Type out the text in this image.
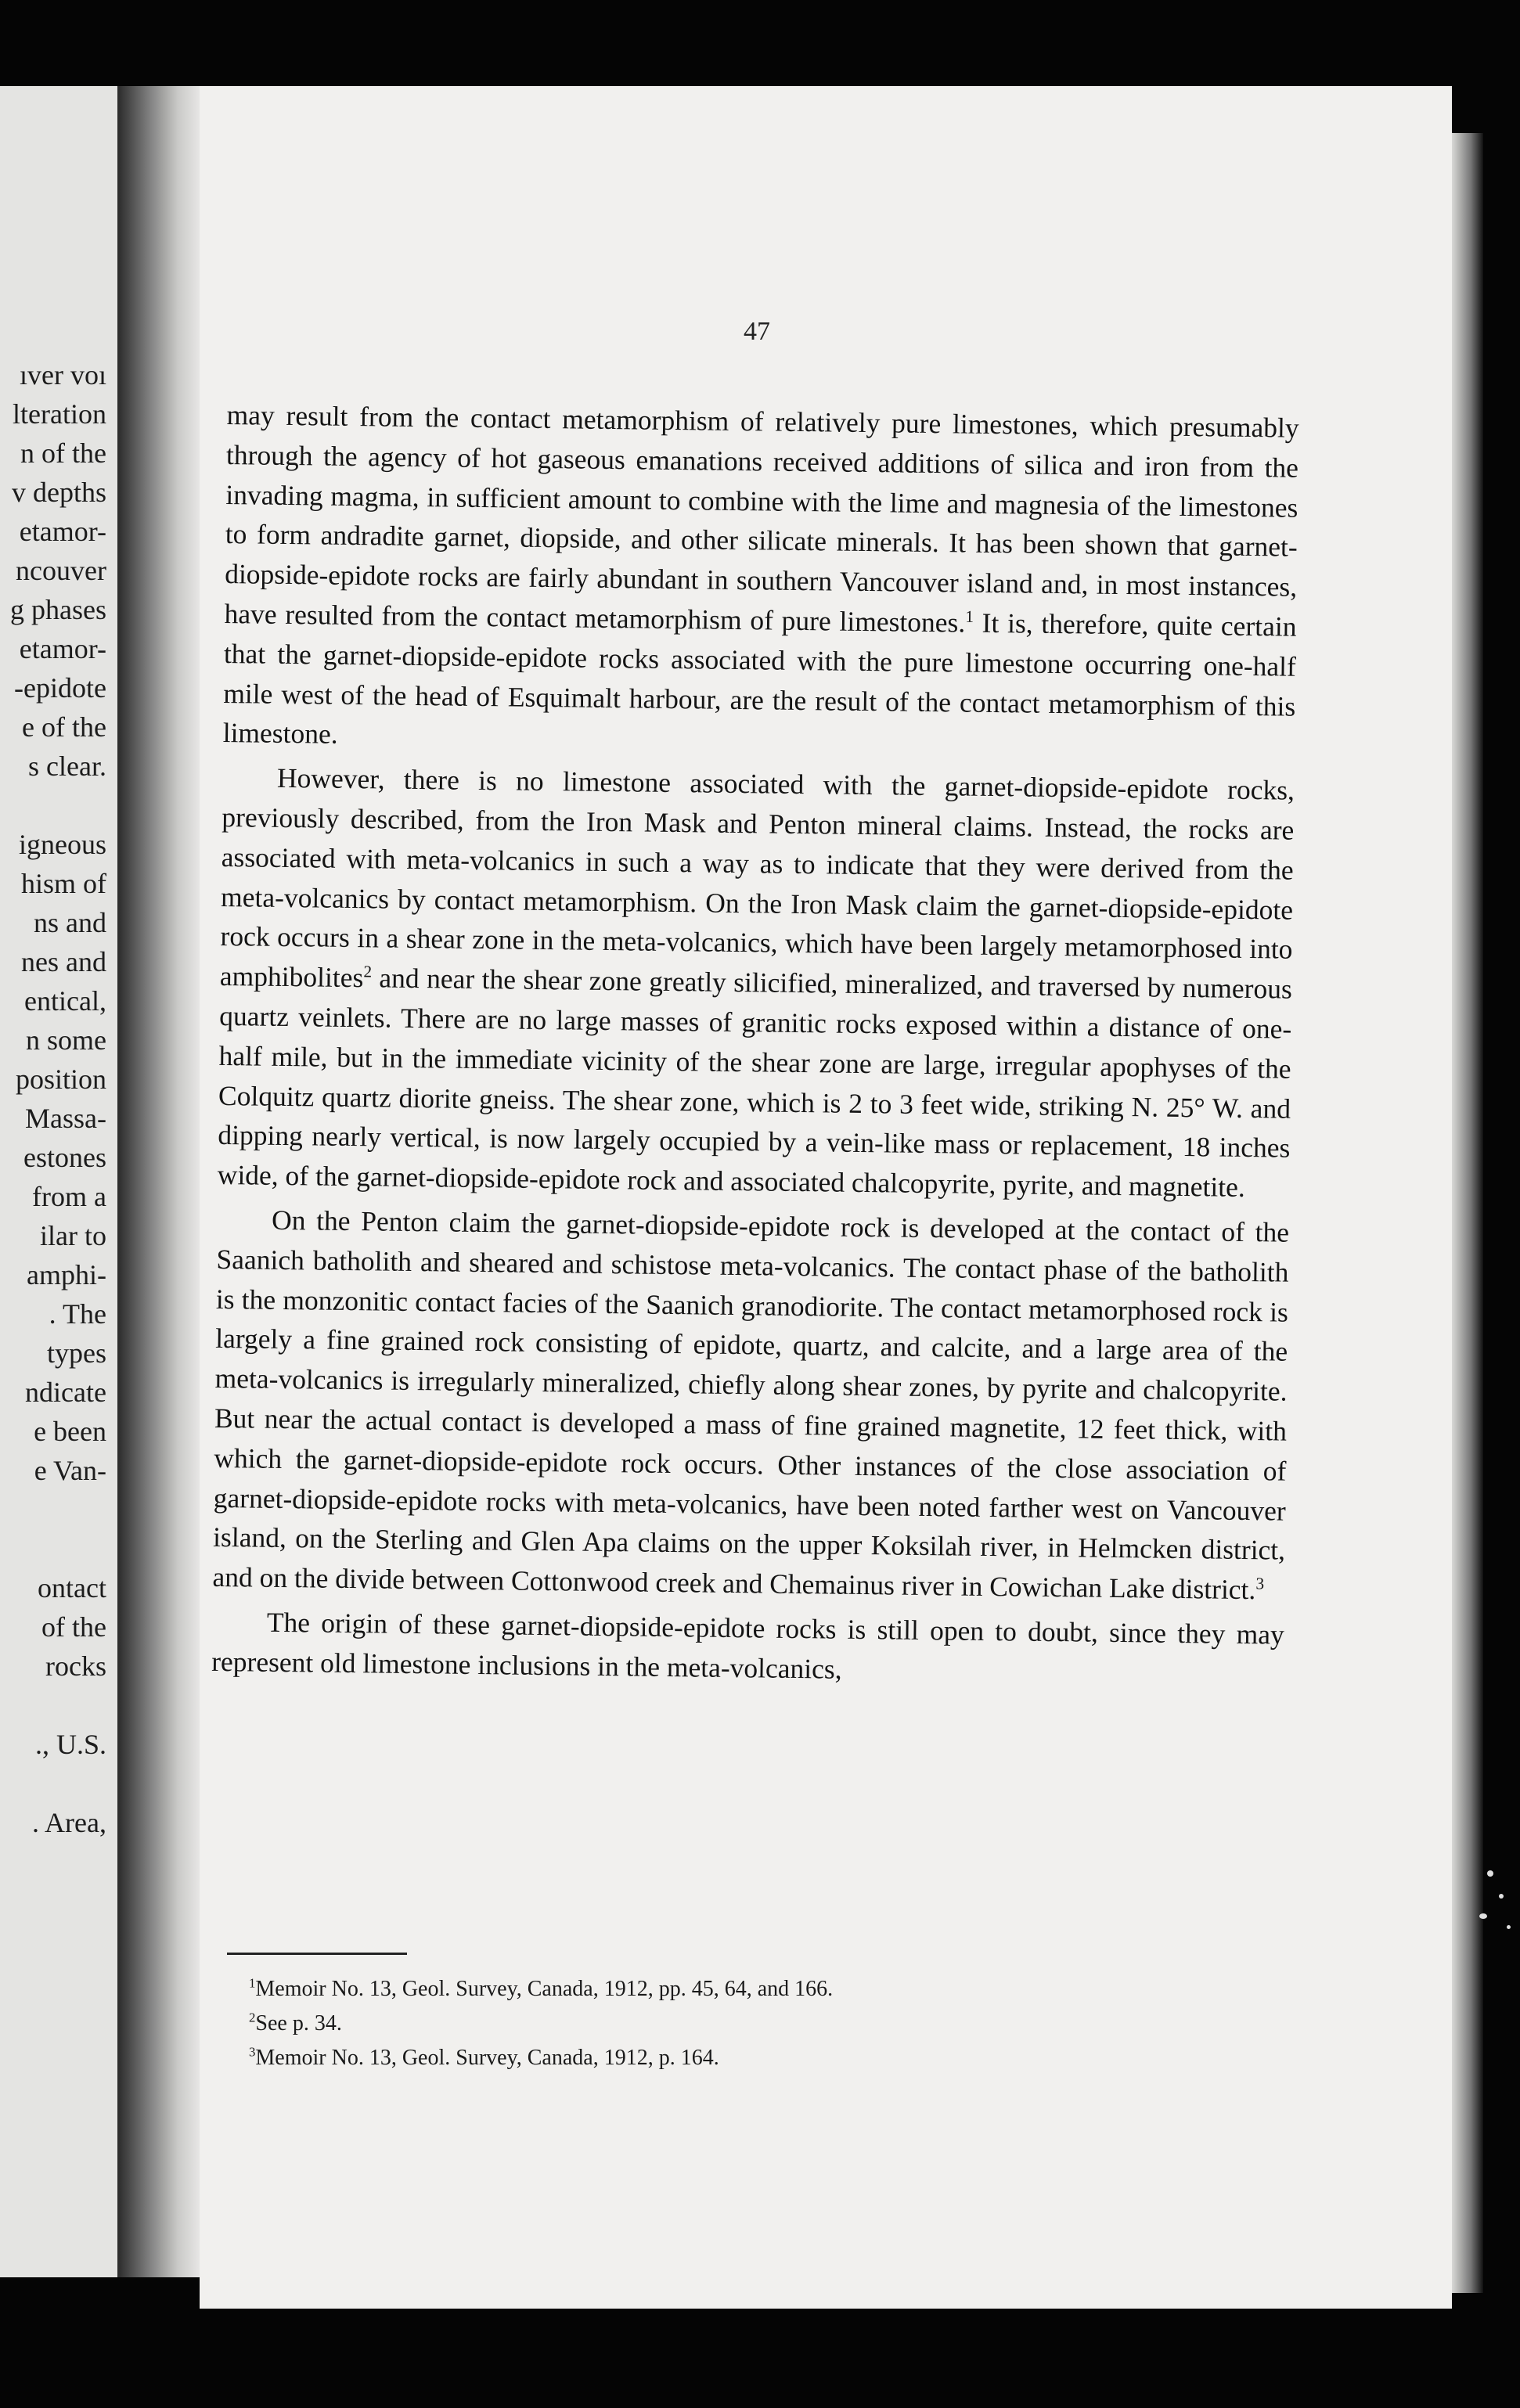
ıver voı
lteration
n of the
v depths
etamor-
ncouver
g phases
etamor-
-epidote
e of the
s clear.
igneous
hism of
ns and
nes and
entical,
n some
position
Massa-
estones
from a
ilar to
amphi-
. The
types
ndicate
e been
e Van-
ontact
of the
rocks
., U.S.
. Area,
47

may result from the contact metamorphism of relatively pure limestones, which presumably through the agency of hot gaseous emanations received additions of silica and iron from the invading magma, in sufficient amount to combine with the lime and magnesia of the limestones to form andradite garnet, diopside, and other silicate minerals. It has been shown that garnet-diopside-epidote rocks are fairly abundant in southern Vancouver island and, in most instances, have resulted from the contact metamorphism of pure limestones.$^1$ It is, therefore, quite certain that the garnet-diopside-epidote rocks associated with the pure limestone occurring one-half mile west of the head of Esquimalt harbour, are the result of the contact metamorphism of this limestone.

However, there is no limestone associated with the garnet-diopside-epidote rocks, previously described, from the Iron Mask and Penton mineral claims. Instead, the rocks are associated with meta-volcanics in such a way as to indicate that they were derived from the meta-volcanics by contact metamorphism. On the Iron Mask claim the garnet-diopside-epidote rock occurs in a shear zone in the meta-volcanics, which have been largely metamorphosed into amphibolites$^2$ and near the shear zone greatly silicified, mineralized, and traversed by numerous quartz veinlets. There are no large masses of granitic rocks exposed within a distance of one-half mile, but in the immediate vicinity of the shear zone are large, irregular apophyses of the Colquitz quartz diorite gneiss. The shear zone, which is 2 to 3 feet wide, striking N. 25° W. and dipping nearly vertical, is now largely occupied by a vein-like mass or replacement, 18 inches wide, of the garnet-diopside-epidote rock and associated chalcopyrite, pyrite, and magnetite.

On the Penton claim the garnet-diopside-epidote rock is developed at the contact of the Saanich batholith and sheared and schistose meta-volcanics. The contact phase of the batholith is the monzonitic contact facies of the Saanich granodiorite. The contact metamorphosed rock is largely a fine grained rock consisting of epidote, quartz, and calcite, and a large area of the meta-volcanics is irregularly mineralized, chiefly along shear zones, by pyrite and chalcopyrite. But near the actual contact is developed a mass of fine grained magnetite, 12 feet thick, with which the garnet-diopside-epidote rock occurs. Other instances of the close association of garnet-diopside-epidote rocks with meta-volcanics, have been noted farther west on Vancouver island, on the Sterling and Glen Apa claims on the upper Koksilah river, in Helmcken district, and on the divide between Cottonwood creek and Chemainus river in Cowichan Lake district.$^3$

The origin of these garnet-diopside-epidote rocks is still open to doubt, since they may represent old limestone inclusions in the meta-volcanics,

$^1$Memoir No. 13, Geol. Survey, Canada, 1912, pp. 45, 64, and 166.
$^2$See p. 34.
$^3$Memoir No. 13, Geol. Survey, Canada, 1912, p. 164.
